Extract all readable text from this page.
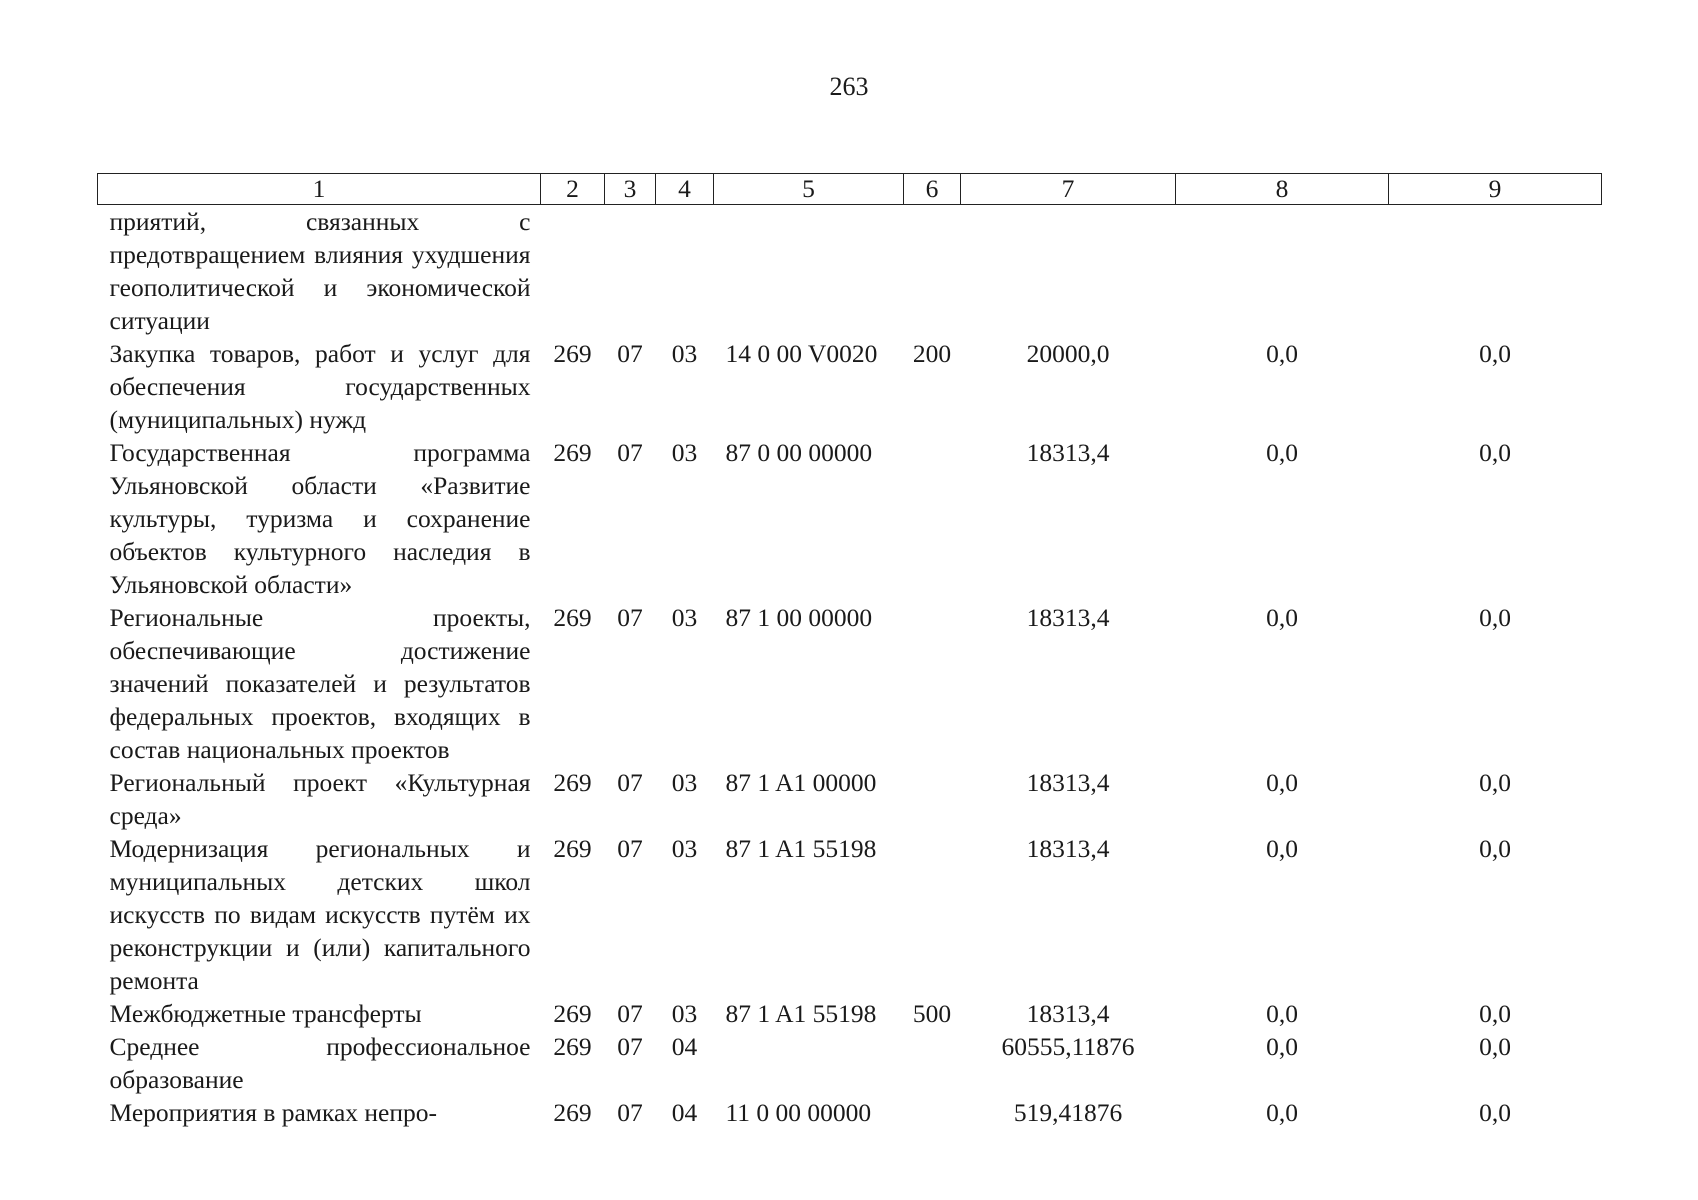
263
1	2	3	4	5	6	7	8	9
приятий, связанных с предотвращением влияния ухудшения геополитической и экономической ситуации								
Закупка товаров, работ и услуг для обеспечения государственных (муниципальных) нужд	269	07	03	14 0 00 V0020	200	20000,0	0,0	0,0
Государственная программа Ульяновской области «Развитие культуры, туризма и сохранение объектов культурного наследия в Ульяновской области»	269	07	03	87 0 00 00000		18313,4	0,0	0,0
Региональные проекты, обеспечивающие достижение значений показателей и результатов федеральных проектов, входящих в состав национальных проектов	269	07	03	87 1 00 00000		18313,4	0,0	0,0
Региональный проект «Культурная среда»	269	07	03	87 1 A1 00000		18313,4	0,0	0,0
Модернизация региональных и муниципальных детских школ искусств по видам искусств путём их реконструкции и (или) капитального ремонта	269	07	03	87 1 A1 55198		18313,4	0,0	0,0
Межбюджетные трансферты	269	07	03	87 1 A1 55198	500	18313,4	0,0	0,0
Среднее профессиональное образование	269	07	04			60555,11876	0,0	0,0
Мероприятия в рамках непро-	269	07	04	11 0 00 00000		519,41876	0,0	0,0
